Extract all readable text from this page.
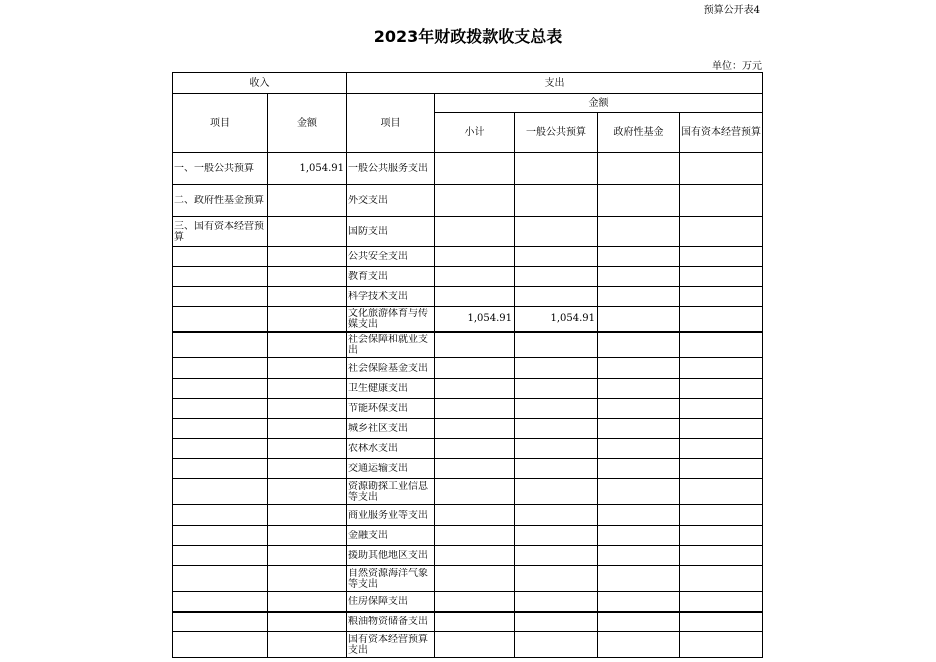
预算公开表4
2023年财政拨款收支总表
单位：万元
收入		支出				
项目	金额	项目	金额			
			小计	一般公共预算	政府性基金	国有资本经营预算

一、一般公共预算	1,054.91	一般公共服务支出				

二、政府性基金预算		外交支出				

三、国有资本经营预算		国防支出				

		公共安全支出				

		教育支出				

		科学技术支出				

		文化旅游体育与传媒支出	1,054.91	1,054.91		

		社会保障和就业支出				

		社会保险基金支出				

		卫生健康支出				

		节能环保支出				

		城乡社区支出				

		农林水支出				

		交通运输支出				

		资源勘探工业信息等支出				

		商业服务业等支出				

		金融支出				

		援助其他地区支出				

		自然资源海洋气象等支出				

		住房保障支出				

		粮油物资储备支出				

		国有资本经营预算支出				
